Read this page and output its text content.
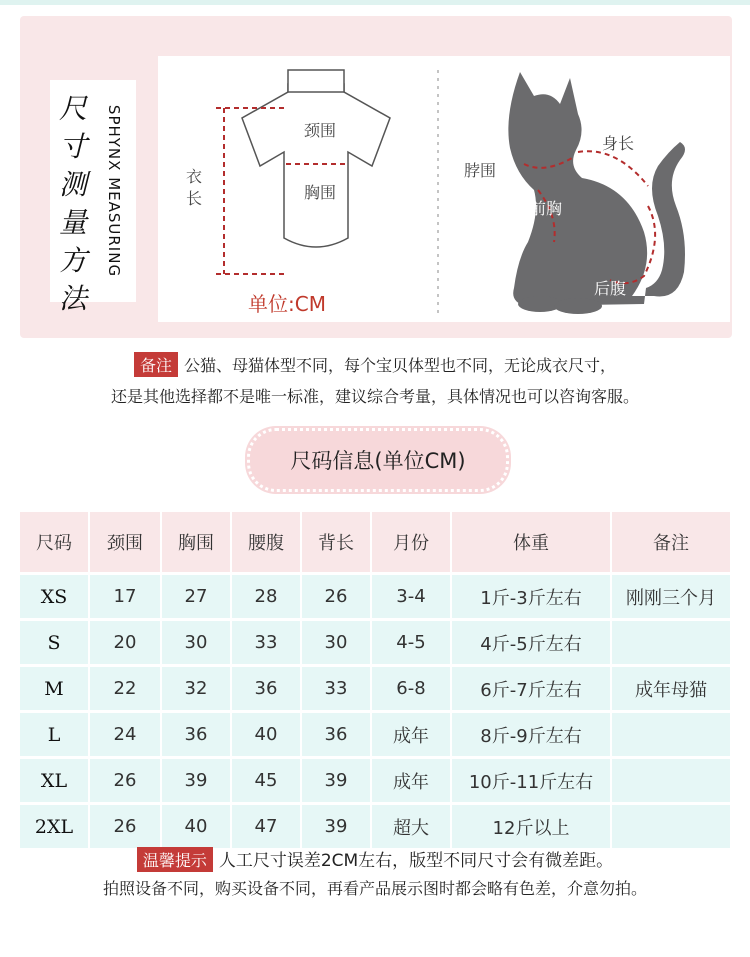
尺
寸
测
量
方
法
SPHYNX MEASURING	颈围
胸围
衣长
单位:CM
脖围
身长
前胸
后腹
备注 公猫、母猫体型不同，每个宝贝体型也不同，无论成衣尺寸，
还是其他选择都不是唯一标准，建议综合考量，具体情况也可以咨询客服。
尺码信息(单位CM)
尺码	颈围	胸围	腰腹	背长	月份	体重	备注
XS	17	27	28	26	3-4	1斤-3斤左右	刚刚三个月
S	20	30	33	30	4-5	4斤-5斤左右
M	22	32	36	33	6-8	6斤-7斤左右	成年母猫
L	24	36	40	36	成年	8斤-9斤左右
XL	26	39	45	39	成年	10斤-11斤左右
2XL	26	40	47	39	超大	12斤以上
温馨提示 人工尺寸误差2CM左右，版型不同尺寸会有微差距。
拍照设备不同，购买设备不同，再看产品展示图时都会略有色差，介意勿拍。
